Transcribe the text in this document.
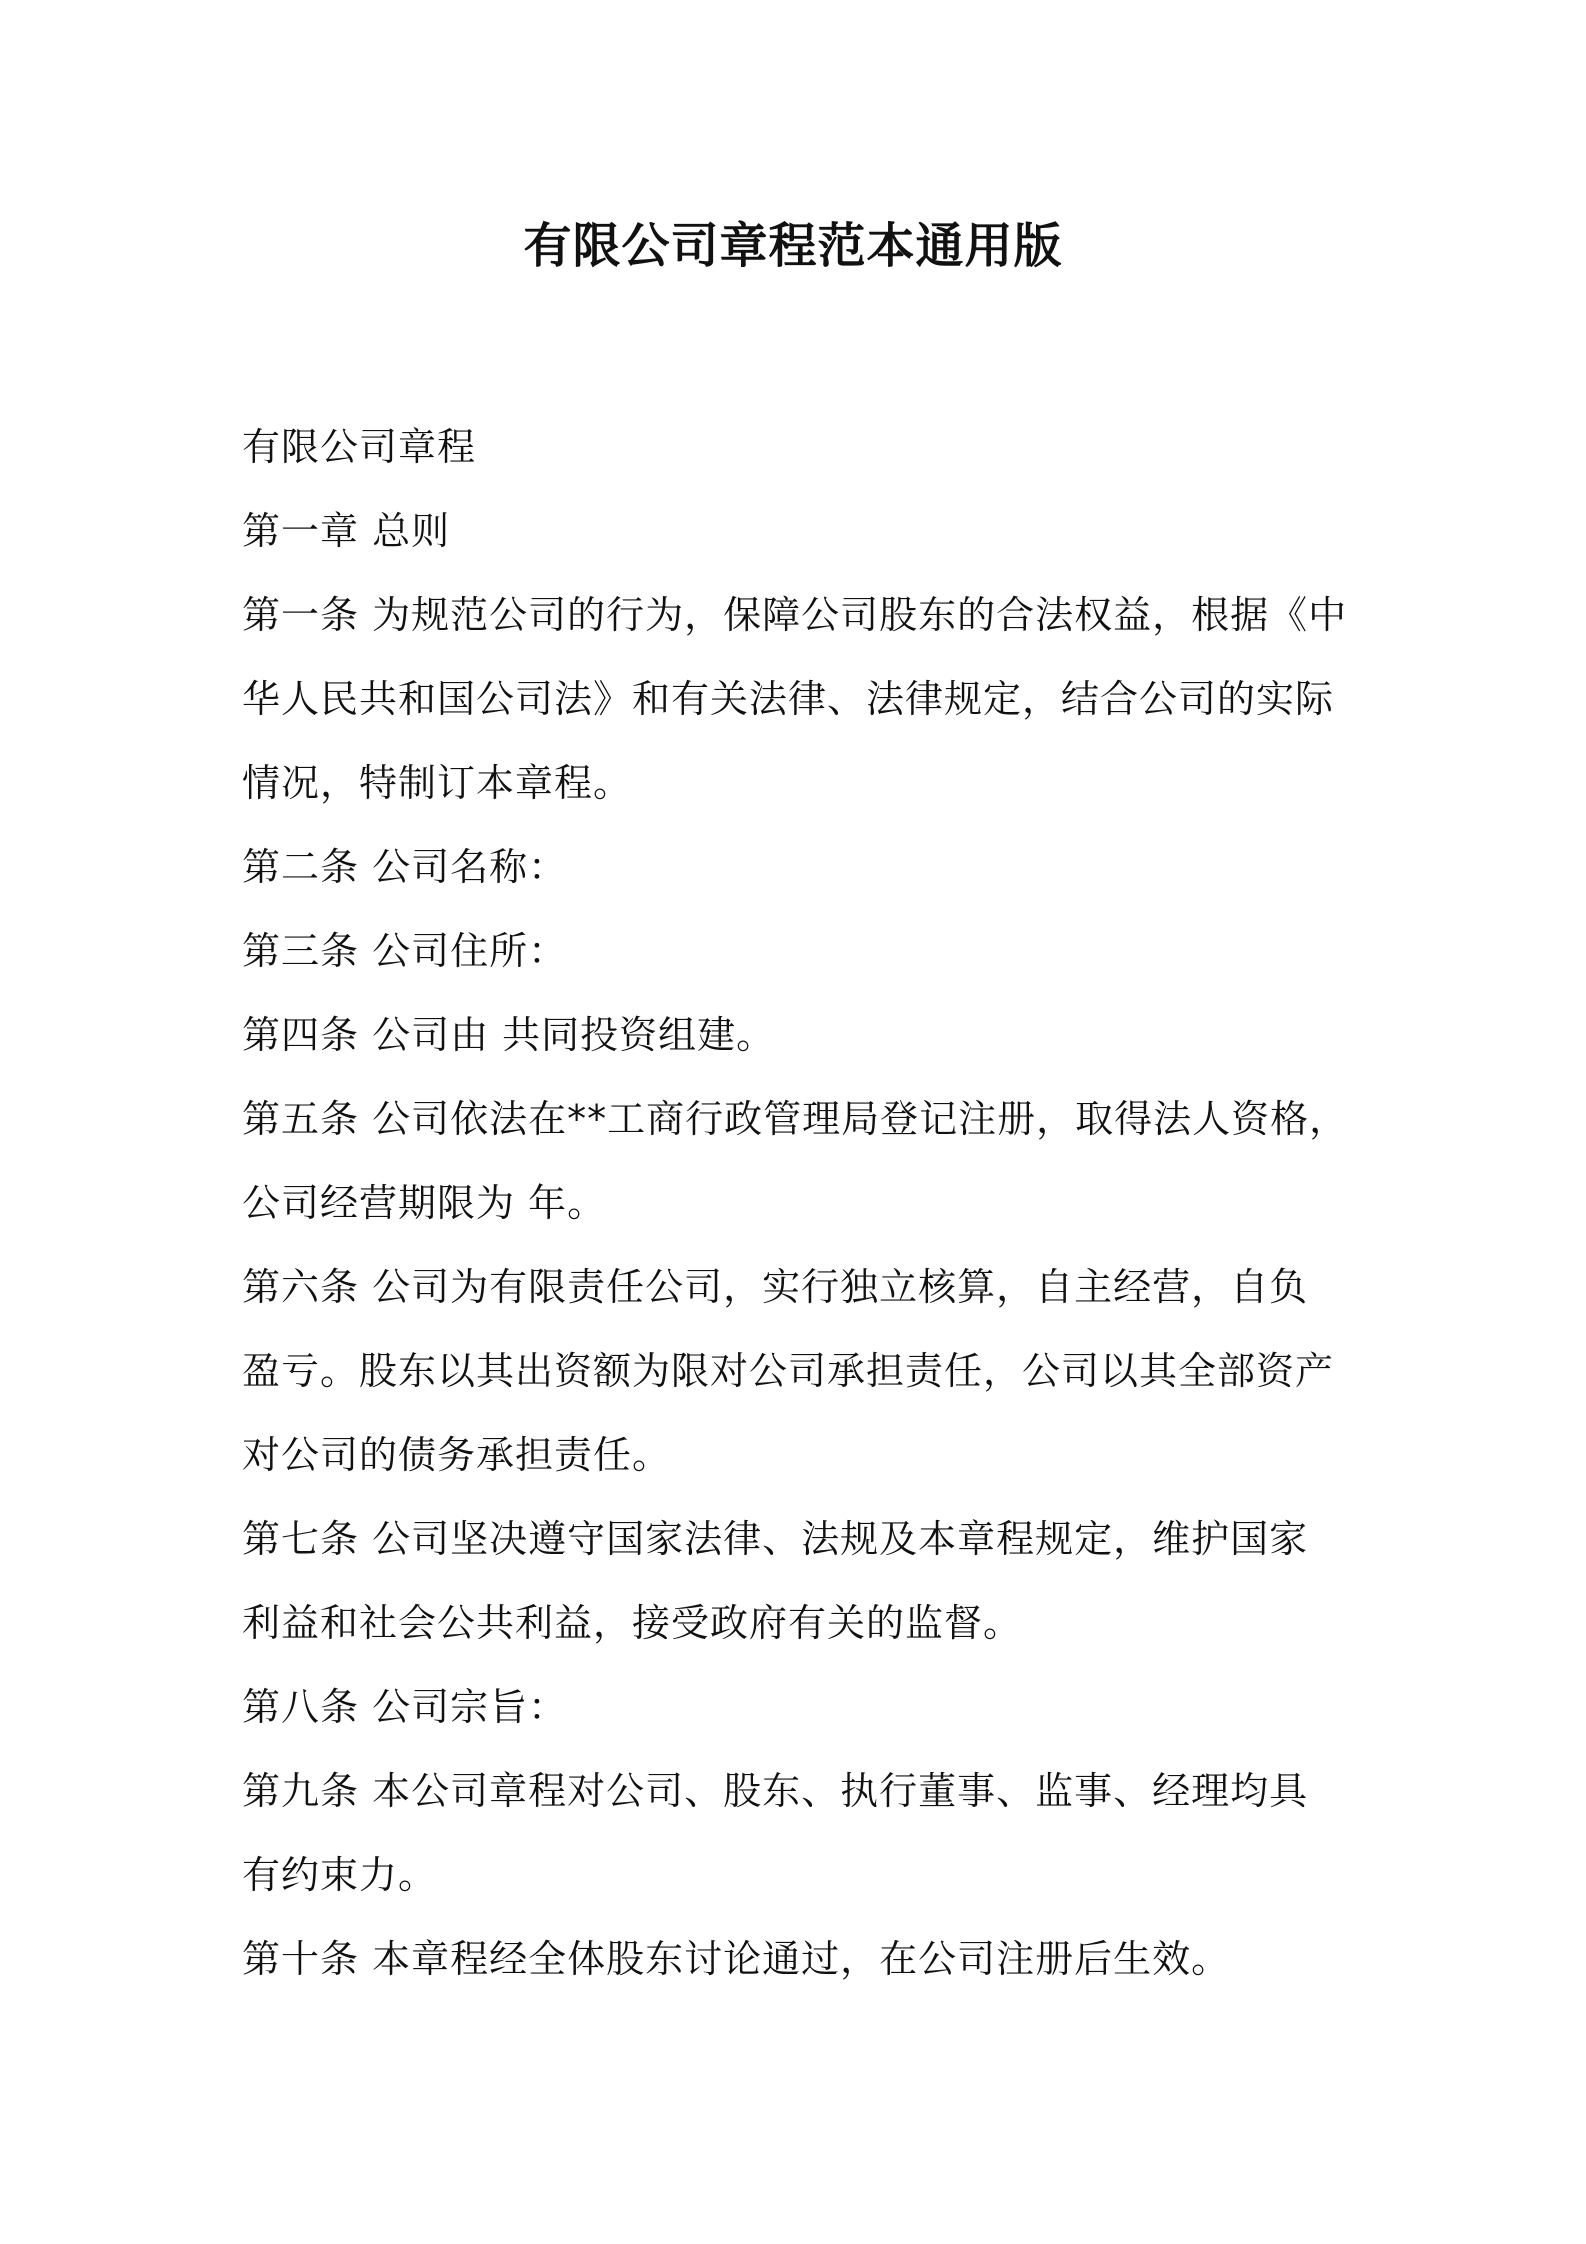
有限公司章程范本通用版
有限公司章程
第一章 总则
第一条 为规范公司的行为，保障公司股东的合法权益，根据《中
华人民共和国公司法》和有关法律、法律规定，结合公司的实际
情况，特制订本章程。
第二条 公司名称：
第三条 公司住所：
第四条 公司由 共同投资组建。
第五条 公司依法在**工商行政管理局登记注册，取得法人资格，
公司经营期限为 年。
第六条 公司为有限责任公司，实行独立核算，自主经营，自负
盈亏。股东以其出资额为限对公司承担责任，公司以其全部资产
对公司的债务承担责任。
第七条 公司坚决遵守国家法律、法规及本章程规定，维护国家
利益和社会公共利益，接受政府有关的监督。
第八条 公司宗旨：
第九条 本公司章程对公司、股东、执行董事、监事、经理均具
有约束力。
第十条 本章程经全体股东讨论通过，在公司注册后生效。
